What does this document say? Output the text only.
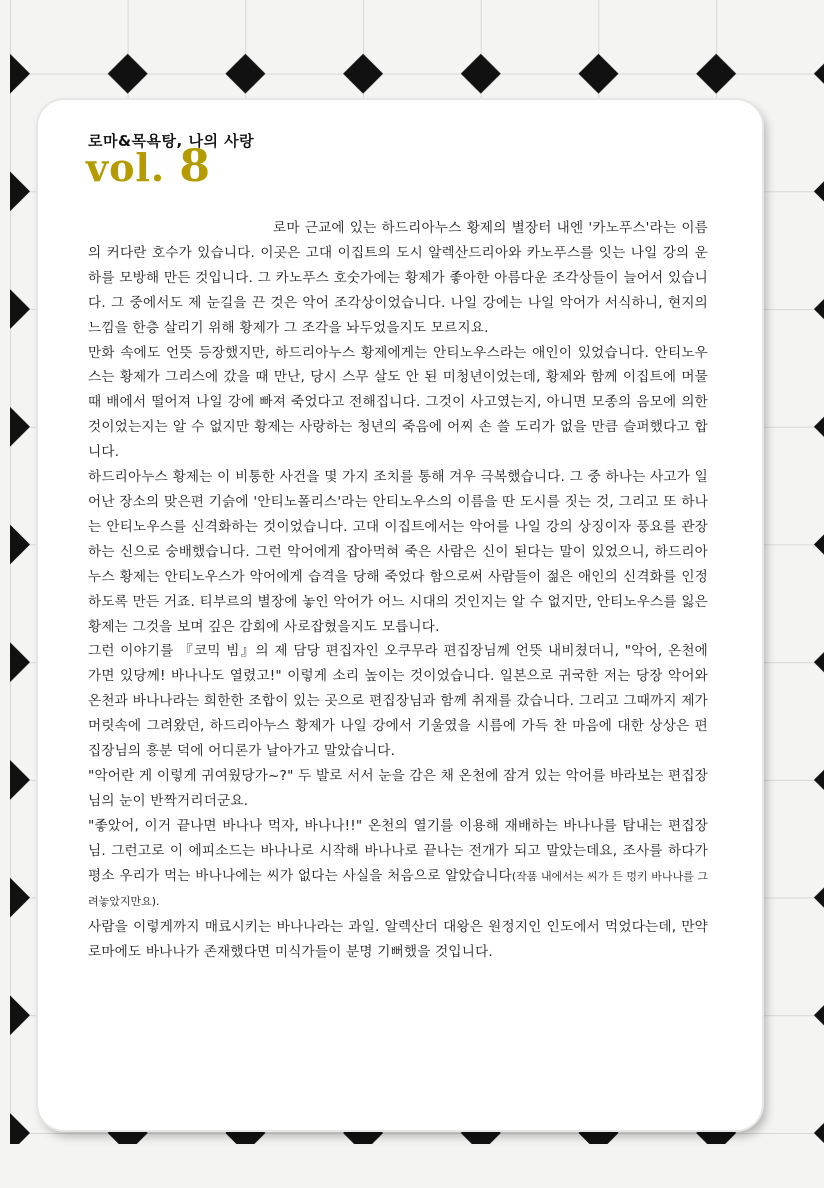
로마&목욕탕, 나의 사랑
vol. 8

로마 근교에 있는 하드리아누스 황제의 별장터 내엔 '카노푸스'라는 이름의 커다란 호수가 있습니다. 이곳은 고대 이집트의 도시 알렉산드리아와 카노푸스를 잇는 나일 강의 운하를 모방해 만든 것입니다. 그 카노푸스 호숫가에는 황제가 좋아한 아름다운 조각상들이 늘어서 있습니다. 그 중에서도 제 눈길을 끈 것은 악어 조각상이었습니다. 나일 강에는 나일 악어가 서식하니, 현지의 느낌을 한층 살리기 위해 황제가 그 조각을 놔두었을지도 모르지요.

만화 속에도 언뜻 등장했지만, 하드리아누스 황제에게는 안티노우스라는 애인이 있었습니다. 안티노우스는 황제가 그리스에 갔을 때 만난, 당시 스무 살도 안 된 미청년이었는데, 황제와 함께 이집트에 머물 때 배에서 떨어져 나일 강에 빠져 죽었다고 전해집니다. 그것이 사고였는지, 아니면 모종의 음모에 의한 것이었는지는 알 수 없지만 황제는 사랑하는 청년의 죽음에 어찌 손 쓸 도리가 없을 만큼 슬퍼했다고 합니다.

하드리아누스 황제는 이 비통한 사건을 몇 가지 조치를 통해 겨우 극복했습니다. 그 중 하나는 사고가 일어난 장소의 맞은편 기슭에 '안티노폴리스'라는 안티노우스의 이름을 딴 도시를 짓는 것, 그리고 또 하나는 안티노우스를 신격화하는 것이었습니다. 고대 이집트에서는 악어를 나일 강의 상징이자 풍요를 관장하는 신으로 숭배했습니다. 그런 악어에게 잡아먹혀 죽은 사람은 신이 된다는 말이 있었으니, 하드리아누스 황제는 안티노우스가 악어에게 습격을 당해 죽었다 함으로써 사람들이 젊은 애인의 신격화를 인정하도록 만든 거죠. 티부르의 별장에 놓인 악어가 어느 시대의 것인지는 알 수 없지만, 안티노우스를 잃은 황제는 그것을 보며 깊은 감회에 사로잡혔을지도 모릅니다.

그런 이야기를 『코믹 빔』의 제 담당 편집자인 오쿠무라 편집장님께 언뜻 내비쳤더니, "악어, 온천에 가면 있당께! 바나나도 열렸고!" 이렇게 소리 높이는 것이었습니다. 일본으로 귀국한 저는 당장 악어와 온천과 바나나라는 희한한 조합이 있는 곳으로 편집장님과 함께 취재를 갔습니다. 그리고 그때까지 제가 머릿속에 그려왔던, 하드리아누스 황제가 나일 강에서 기울였을 시름에 가득 찬 마음에 대한 상상은 편집장님의 흥분 덕에 어디론가 날아가고 말았습니다.

"악어란 게 이렇게 귀여웠당가~?" 두 발로 서서 눈을 감은 채 온천에 잠겨 있는 악어를 바라보는 편집장님의 눈이 반짝거리더군요.

"좋았어, 이거 끝나면 바나나 먹자, 바나나!!" 온천의 열기를 이용해 재배하는 바나나를 탐내는 편집장님. 그런고로 이 에피소드는 바나나로 시작해 바나나로 끝나는 전개가 되고 말았는데요, 조사를 하다가 평소 우리가 먹는 바나나에는 씨가 없다는 사실을 처음으로 알았습니다(작품 내에서는 씨가 든 멍키 바나나를 그려놓았지만요).

사람을 이렇게까지 매료시키는 바나나라는 과일. 알렉산더 대왕은 원정지인 인도에서 먹었다는데, 만약 로마에도 바나나가 존재했다면 미식가들이 분명 기뻐했을 것입니다.
